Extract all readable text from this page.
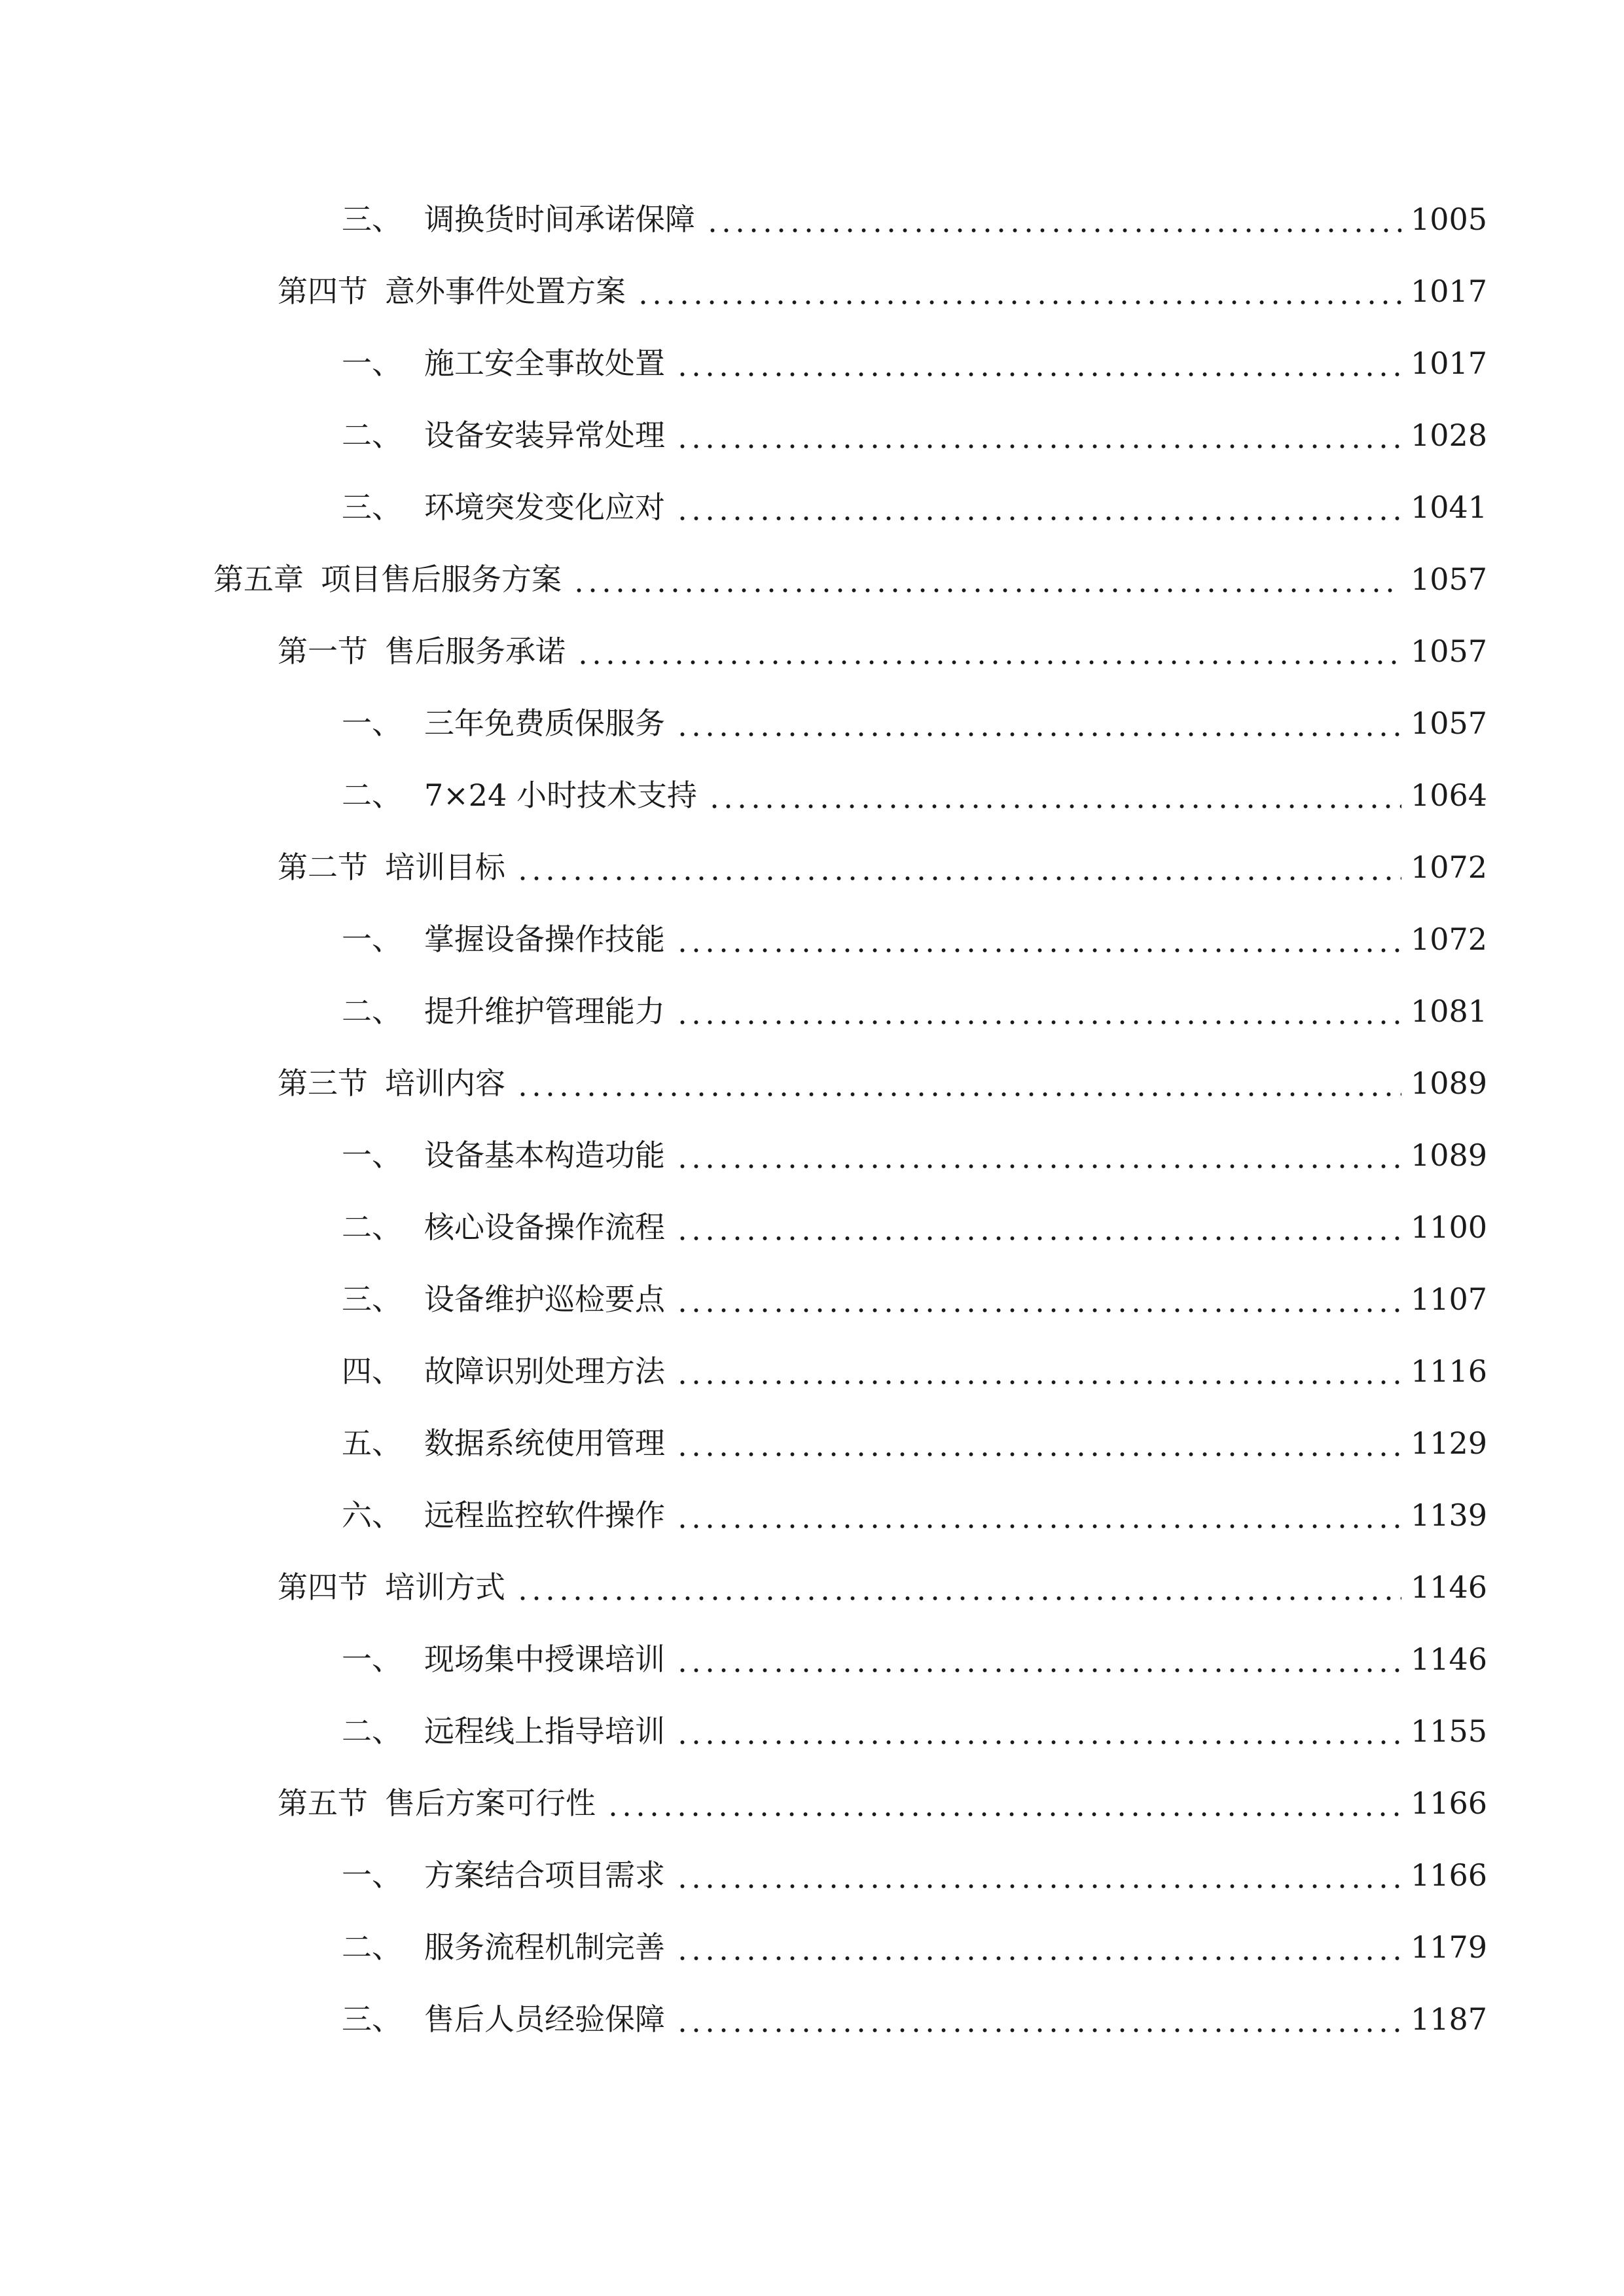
三、 调换货时间承诺保障	1005
第四节 意外事件处置方案	1017
一、 施工安全事故处置	1017
二、 设备安装异常处理	1028
三、 环境突发变化应对	1041
第五章 项目售后服务方案	1057
第一节 售后服务承诺	1057
一、 三年免费质保服务	1057
二、 7×24 小时技术支持	1064
第二节 培训目标	1072
一、 掌握设备操作技能	1072
二、 提升维护管理能力	1081
第三节 培训内容	1089
一、 设备基本构造功能	1089
二、 核心设备操作流程	1100
三、 设备维护巡检要点	1107
四、 故障识别处理方法	1116
五、 数据系统使用管理	1129
六、 远程监控软件操作	1139
第四节 培训方式	1146
一、 现场集中授课培训	1146
二、 远程线上指导培训	1155
第五节 售后方案可行性	1166
一、 方案结合项目需求	1166
二、 服务流程机制完善	1179
三、 售后人员经验保障	1187
